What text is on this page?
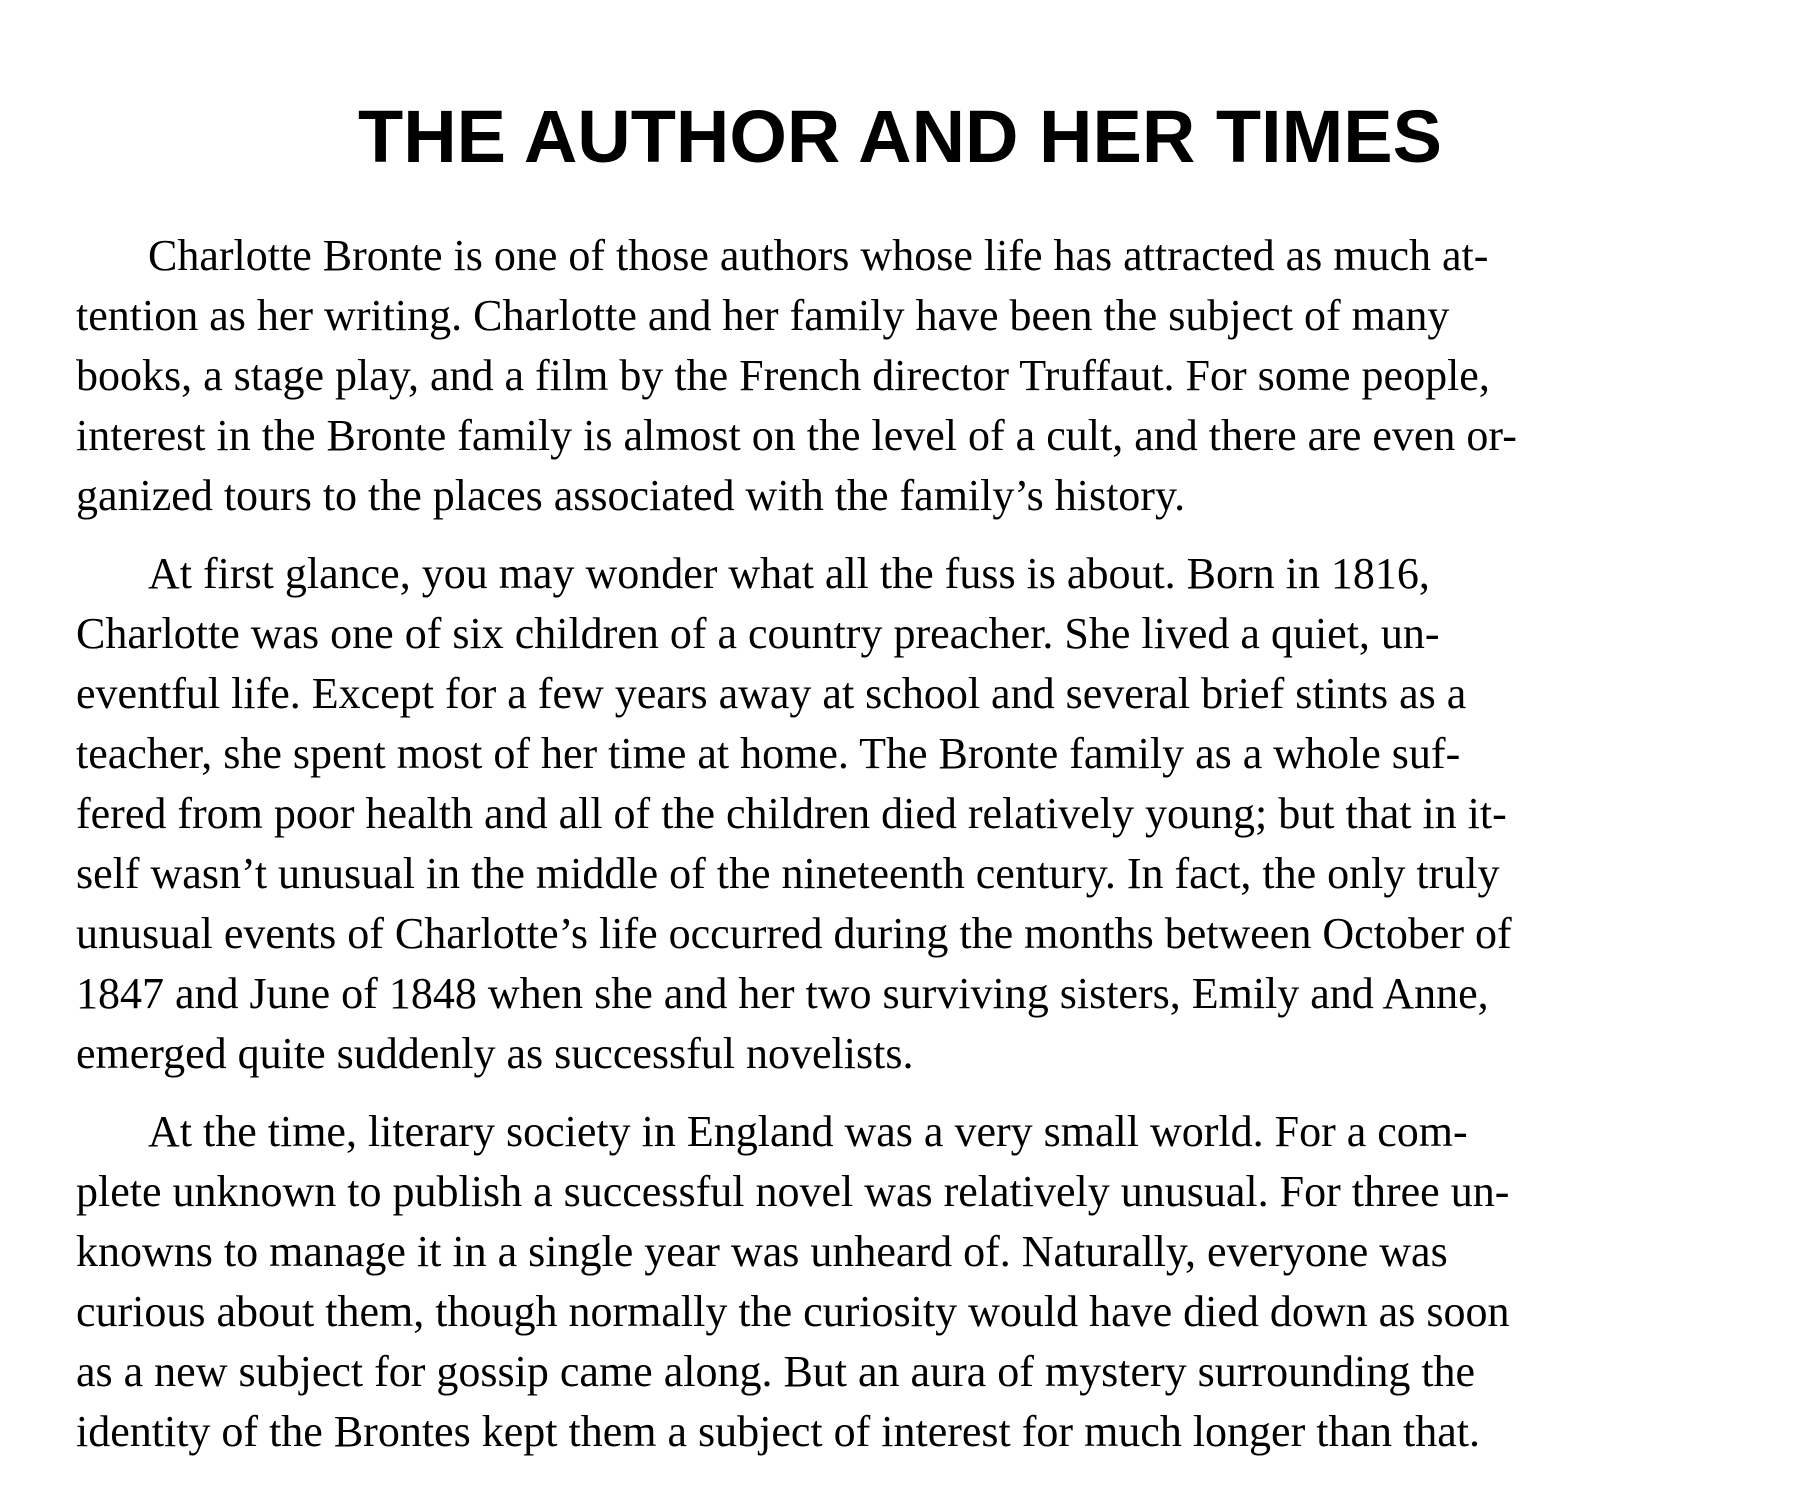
THE AUTHOR AND HER TIMES

Charlotte Bronte is one of those authors whose life has attracted as much at-
tention as her writing. Charlotte and her family have been the subject of many
books, a stage play, and a film by the French director Truffaut. For some people,
interest in the Bronte family is almost on the level of a cult, and there are even or-
ganized tours to the places associated with the family’s history.

At first glance, you may wonder what all the fuss is about. Born in 1816,
Charlotte was one of six children of a country preacher. She lived a quiet, un-
eventful life. Except for a few years away at school and several brief stints as a
teacher, she spent most of her time at home. The Bronte family as a whole suf-
fered from poor health and all of the children died relatively young; but that in it-
self wasn’t unusual in the middle of the nineteenth century. In fact, the only truly
unusual events of Charlotte’s life occurred during the months between October of
1847 and June of 1848 when she and her two surviving sisters, Emily and Anne,
emerged quite suddenly as successful novelists.

At the time, literary society in England was a very small world. For a com-
plete unknown to publish a successful novel was relatively unusual. For three un-
knowns to manage it in a single year was unheard of. Naturally, everyone was
curious about them, though normally the curiosity would have died down as soon
as a new subject for gossip came along. But an aura of mystery surrounding the
identity of the Brontes kept them a subject of interest for much longer than that.
